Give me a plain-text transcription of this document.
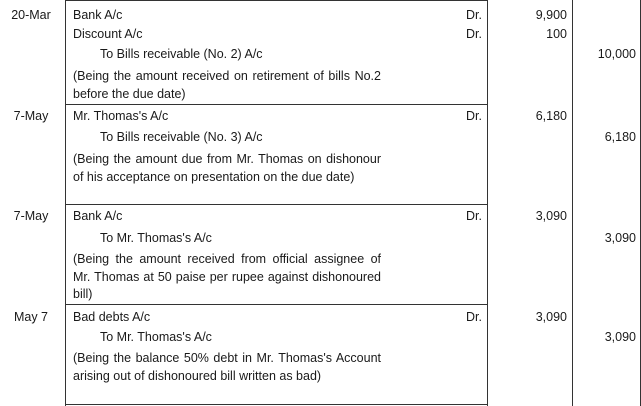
20-Mar	Bank A/c	Dr.	9,900
Discount A/c	Dr.	100
To Bills receivable (No. 2) A/c	10,000
(Being the amount received on retirement of bills No.2 before the due date)
7-May	Mr. Thomas's A/c	Dr.	6,180
To Bills receivable (No. 3) A/c	6,180
(Being the amount due from Mr. Thomas on dishonour of his acceptance on presentation on the due date)
7-May	Bank A/c	Dr.	3,090
To Mr. Thomas's A/c	3,090
(Being the amount received from official assignee of Mr. Thomas at 50 paise per rupee against dishonoured bill)
May 7	Bad debts A/c	Dr.	3,090
To Mr. Thomas's A/c	3,090
(Being the balance 50% debt in Mr. Thomas's Account arising out of dishonoured bill written as bad)
